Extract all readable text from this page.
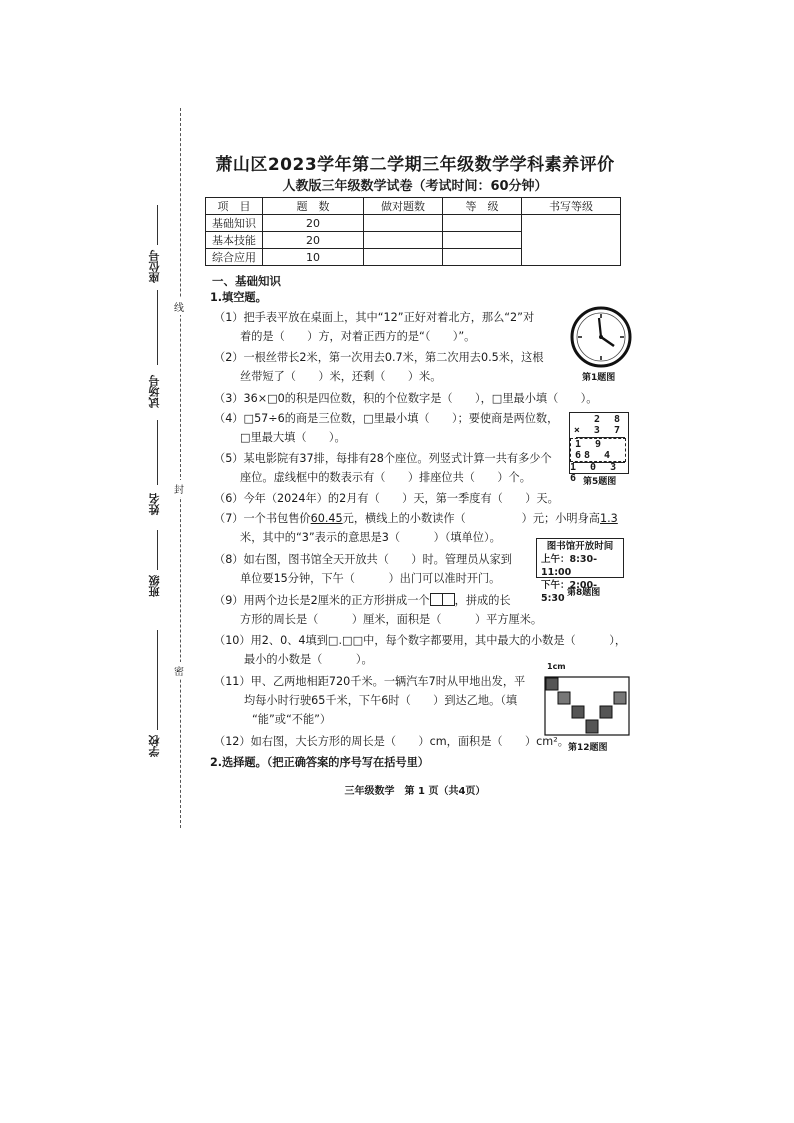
座位号
试场号
姓名
班级
学校
线
封
密
萧山区2023学年第二学期三年级数学学科素养评价
人教版三年级数学试卷（考试时间：60分钟）
项　目	题　数	做对题数	等　级	书写等级
基础知识	20			
基本技能	20			
综合应用	10			
一、基础知识
1.填空题。
（1）把手表平放在桌面上，其中“12”正好对着北方，那么“2”对
着的是（　　）方，对着正西方的是“（　　）”。
（2）一根丝带长2米，第一次用去0.7米，第二次用去0.5米，这根
丝带短了（　　）米，还剩（　　）米。
（3）36×□0的积是四位数，积的个位数字是（　　），□里最小填（　　）。
（4）□57÷6的商是三位数，□里最小填（　　）；要使商是两位数，
□里最大填（　　）。
（5）某电影院有37排，每排有28个座位。列竖式计算一共有多少个
座位。虚线框中的数表示有（　　）排座位共（　　）个。
（6）今年（2024年）的2月有（　　）天，第一季度有（　　）天。
（7）一个书包售价60.45元，横线上的小数读作（　　　　　）元；小明身高1.3
米，其中的“3”表示的意思是3（　　　）（填单位）。
（8）如右图，图书馆全天开放共（　　）时。管理员从家到
单位要15分钟，下午（　　　）出门可以准时开门。
（9）用两个边长是2厘米的正方形拼成一个 ，拼成的长
方形的周长是（　　　）厘米，面积是（　　　）平方厘米。
（10）用2、0、4填到□.□□中，每个数字都要用，其中最大的小数是（　　　），
最小的小数是（　　　）。
（11）甲、乙两地相距720千米。一辆汽车7时从甲地出发，平
均每小时行驶65千米，下午6时（　　）到达乙地。（填
“能”或“不能”）
（12）如右图，大长方形的周长是（　　）cm，面积是（　　）cm²。
2.选择题。（把正确答案的序号写在括号里）
第1题图
2 8
× 3 7
1 9 6
8 4
1 0 3 6 第5题图
图书馆开放时间
上午：8:30-11:00
下午：2:00-5:30 第8题图
1cm
第12题图
三年级数学　第 1 页（共4页）
